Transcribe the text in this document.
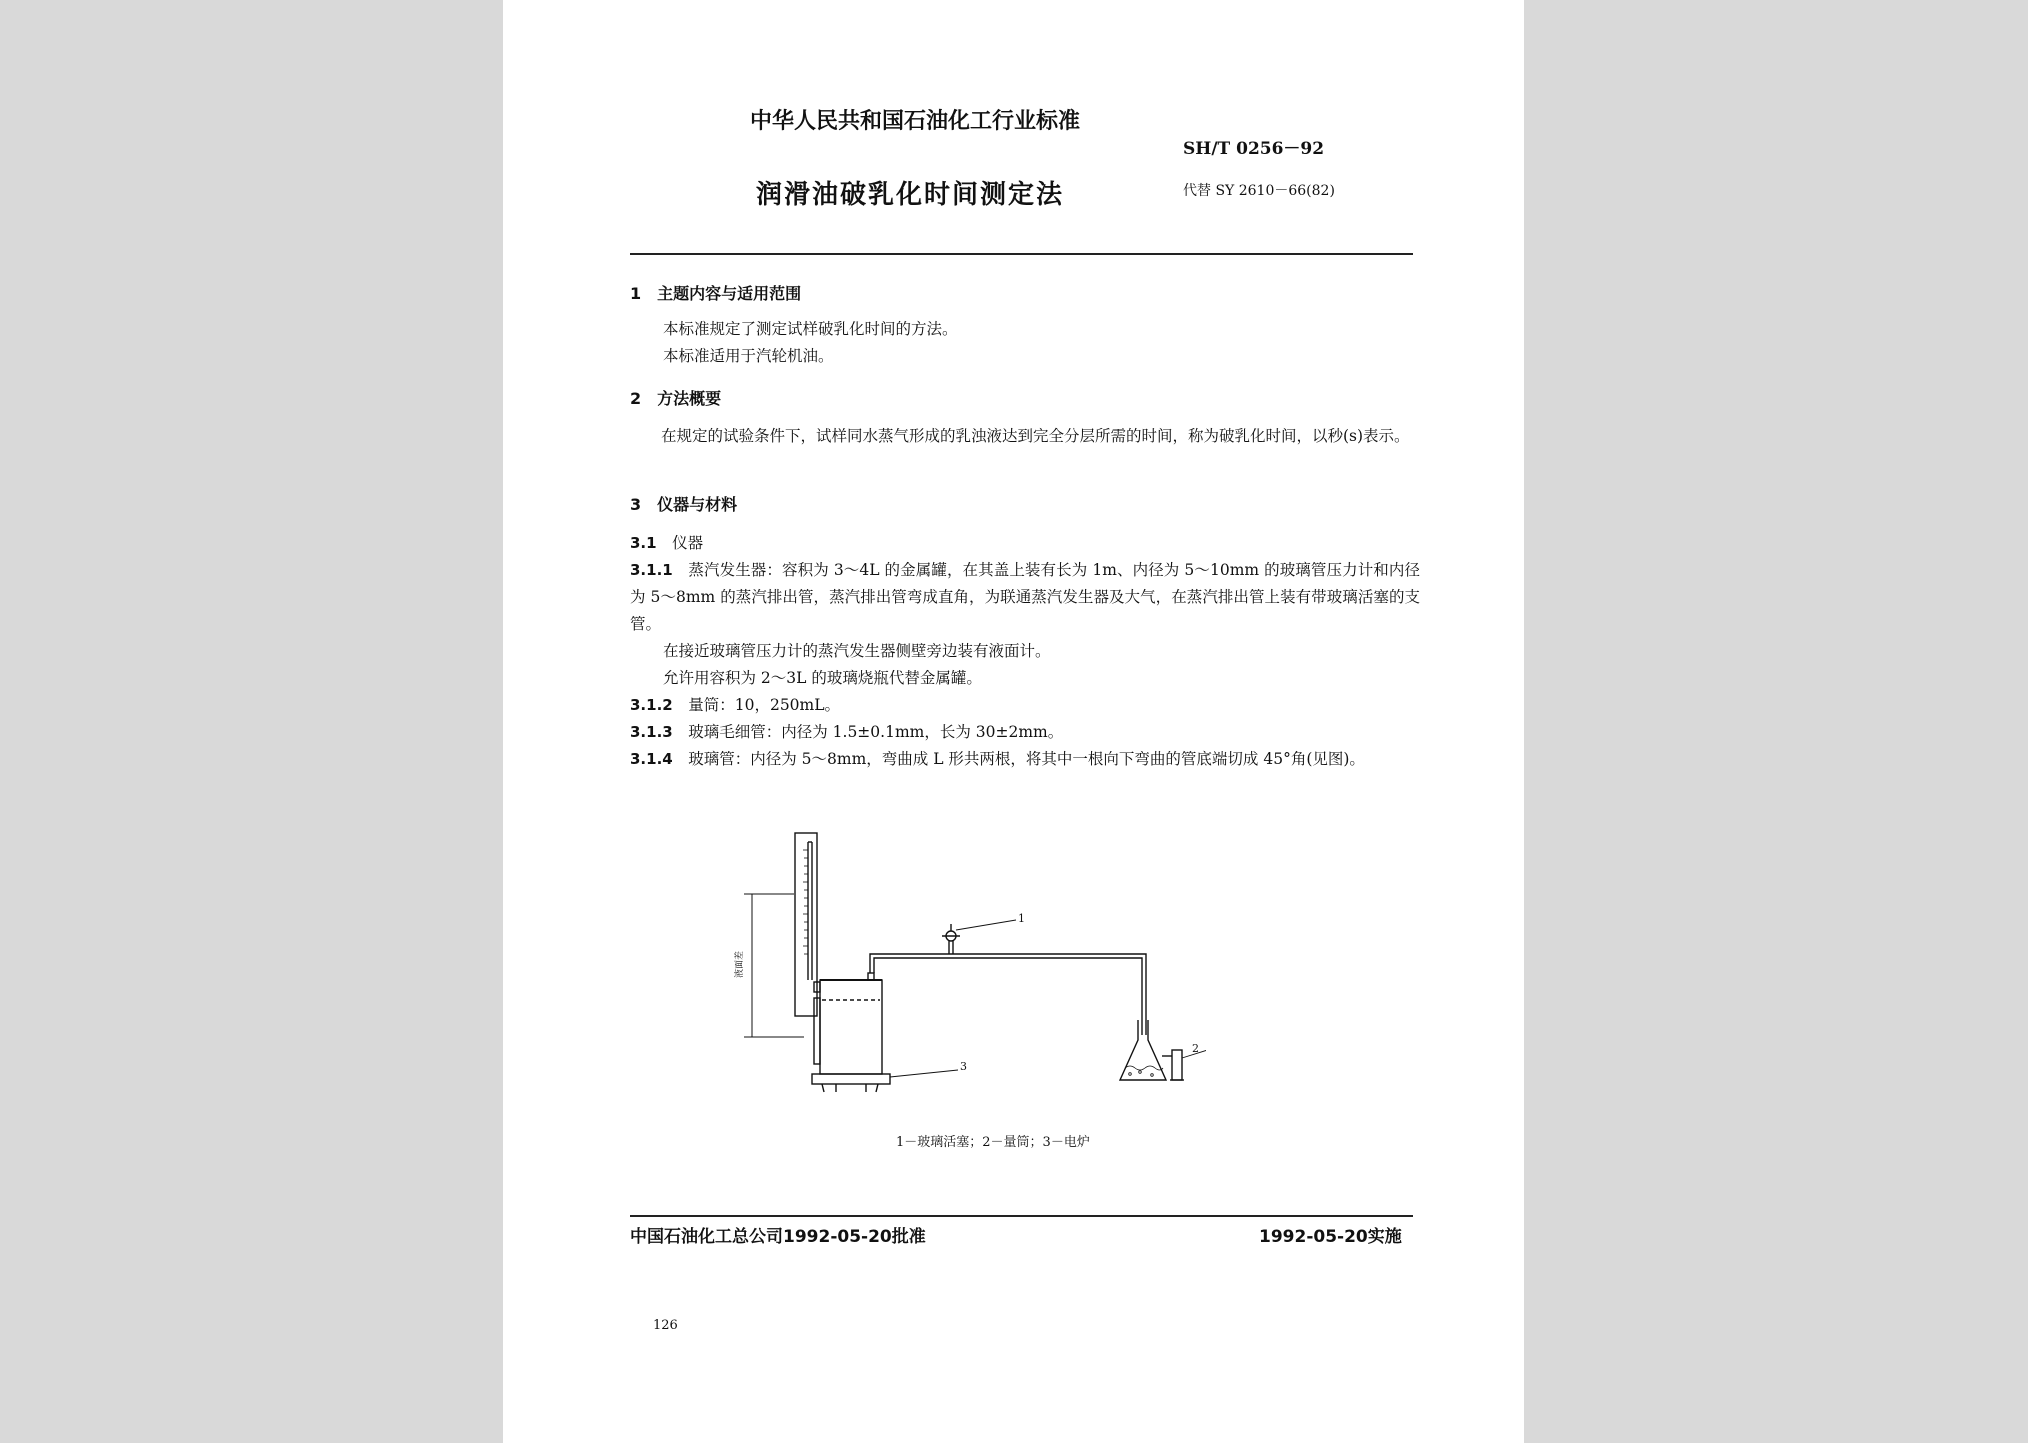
中华人民共和国石油化工行业标准
SH/T 0256－92
润滑油破乳化时间测定法	代替 SY 2610－66(82)
1　主题内容与适用范围
本标准规定了测定试样破乳化时间的方法。
本标准适用于汽轮机油。
2　方法概要
在规定的试验条件下，试样同水蒸气形成的乳浊液达到完全分层所需的时间，称为破乳化时间，以秒(s)表示。
3　仪器与材料
3.1　 仪器
3.1.1　 蒸汽发生器：容积为 3～4L 的金属罐，在其盖上装有长为 1m、内径为 5～10mm 的玻璃管压力计和内径为 5～8mm 的蒸汽排出管，蒸汽排出管弯成直角，为联通蒸汽发生器及大气，在蒸汽排出管上装有带玻璃活塞的支管。
在接近玻璃管压力计的蒸汽发生器侧壁旁边装有液面计。
允许用容积为 2～3L 的玻璃烧瓶代替金属罐。
3.1.2　 量筒：10，250mL。
3.1.3　 玻璃毛细管：内径为 1.5±0.1mm，长为 30±2mm。
3.1.4　 玻璃管：内径为 5～8mm，弯曲成 L 形共两根，将其中一根向下弯曲的管底端切成 45°角(见图)。
1
2
3
液面差
1－玻璃活塞；2－量筒；3－电炉
中国石油化工总公司1992-05-20批准	1992-05-20实施
126
